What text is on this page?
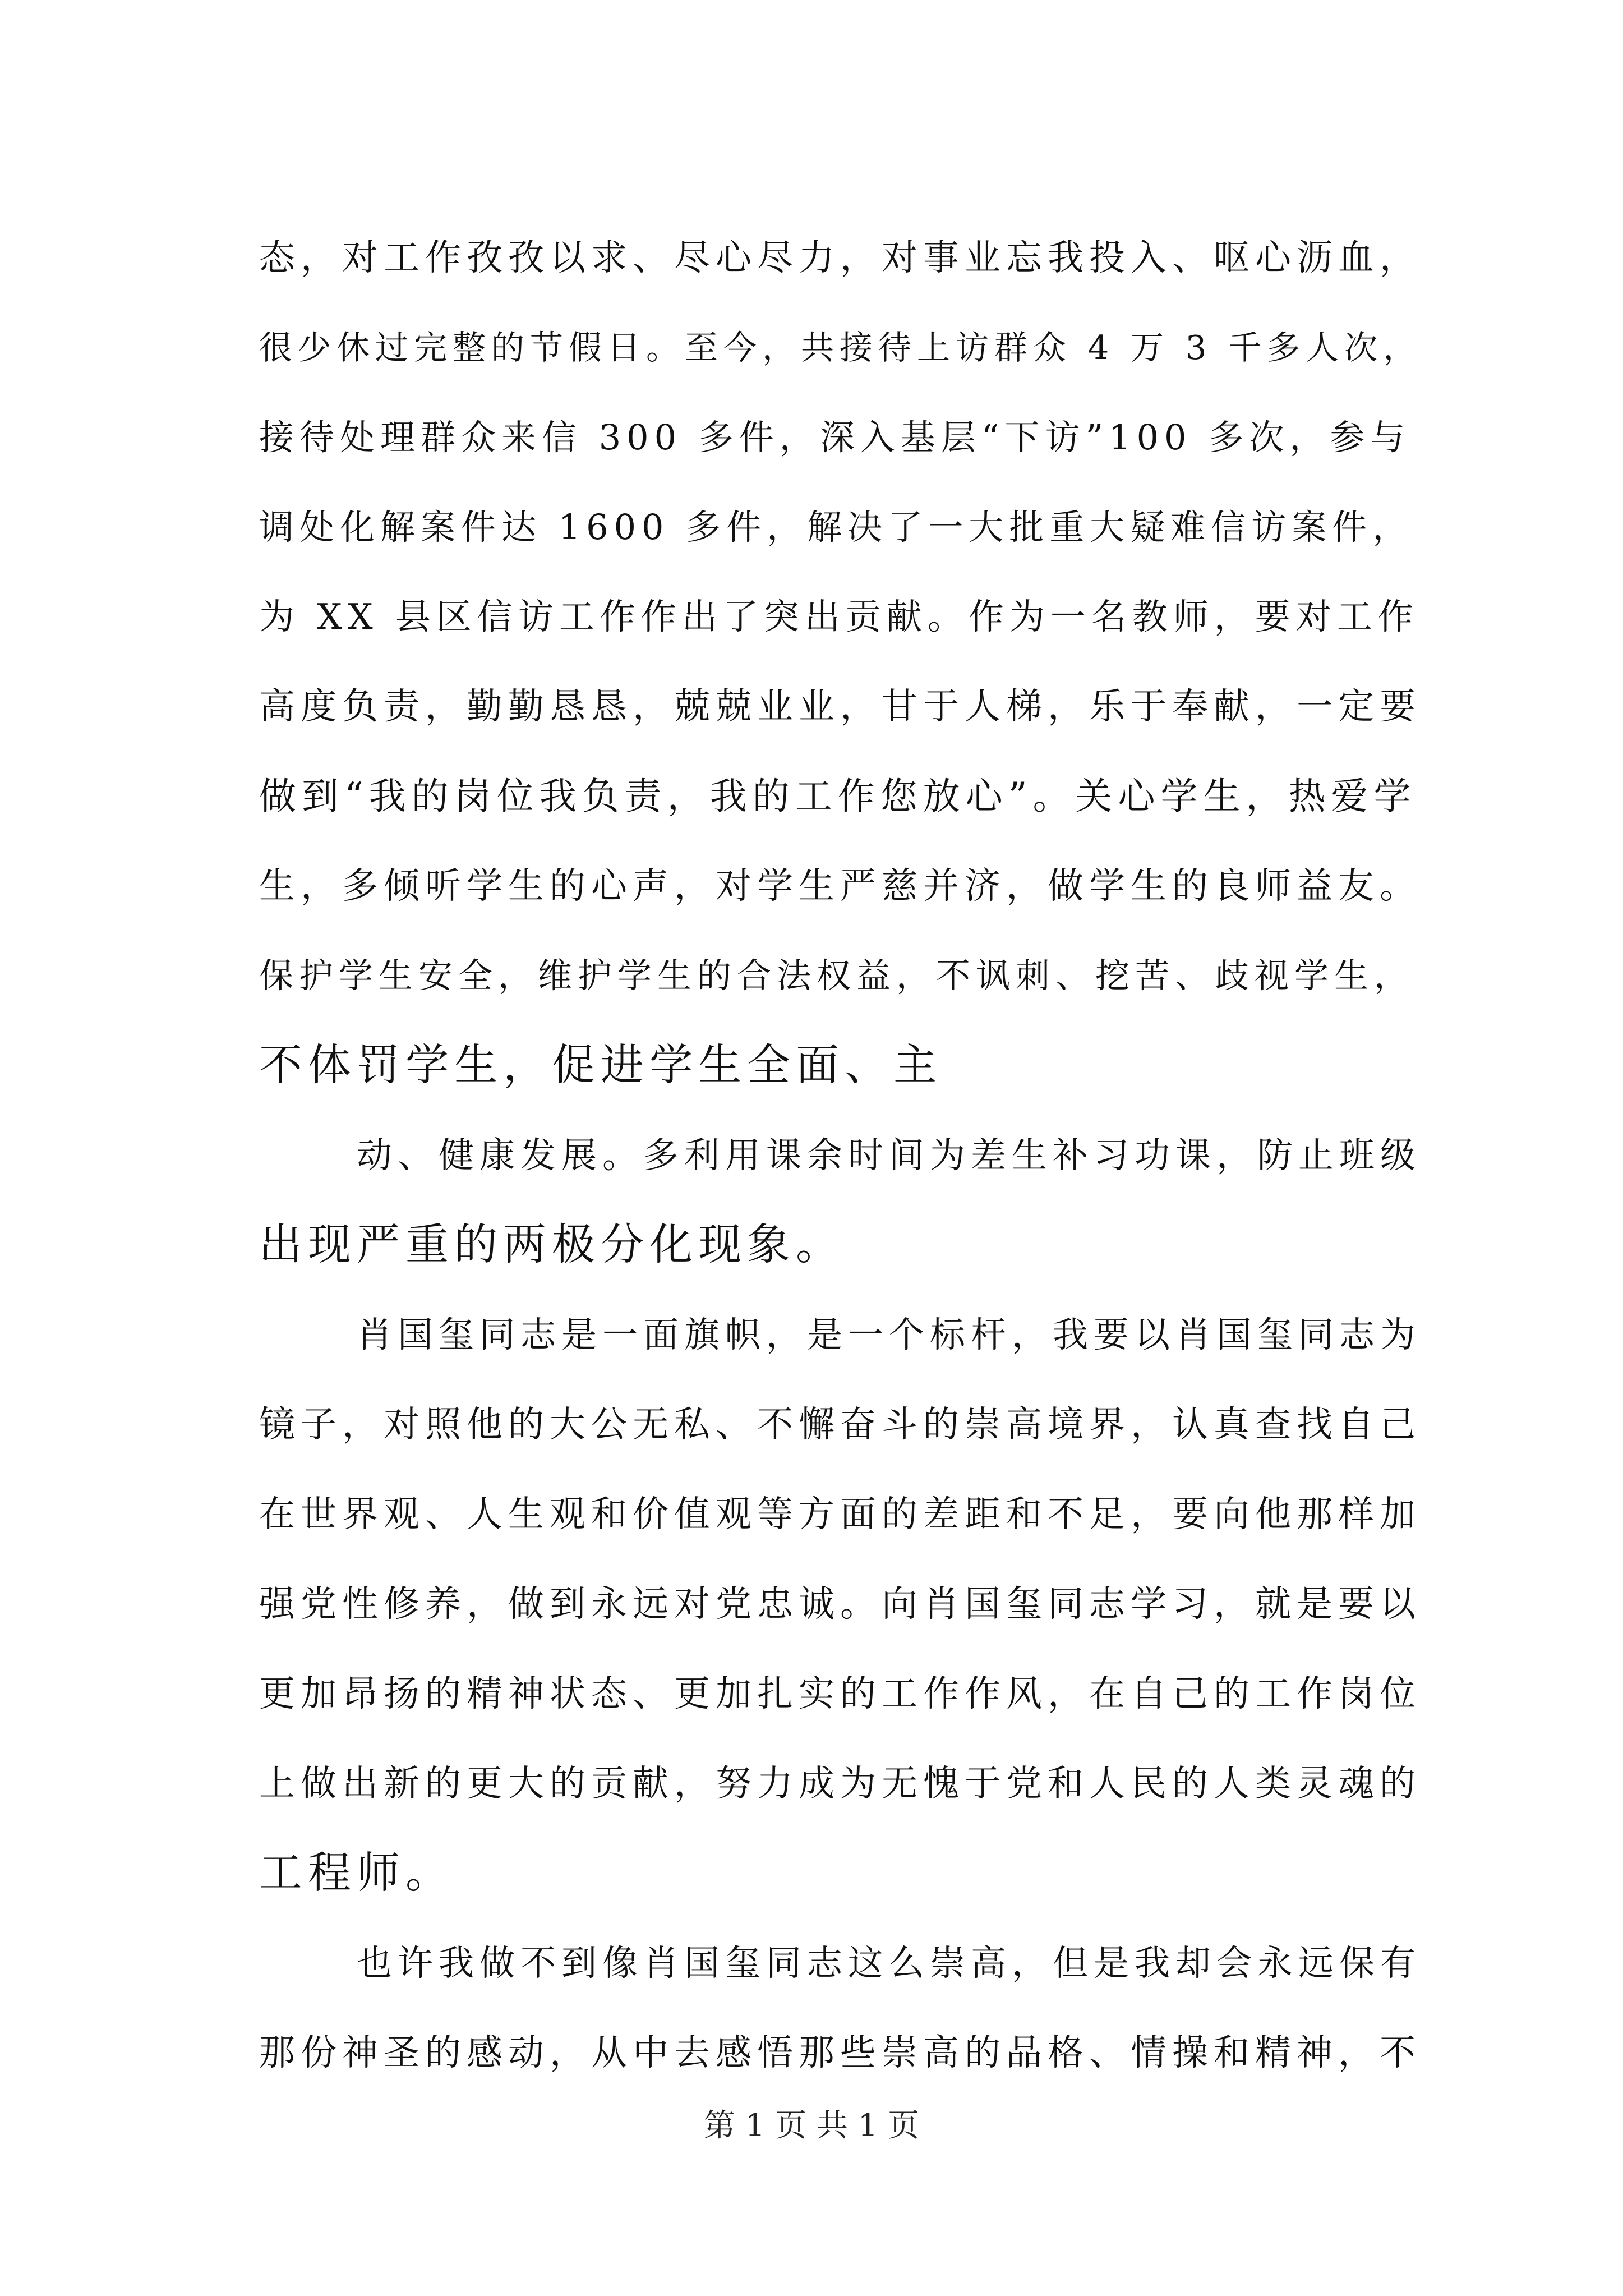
态，对工作孜孜以求、尽心尽力，对事业忘我投入、呕心沥血，
很少休过完整的节假日。至今，共接待上访群众 4 万 3 千多人次，
接待处理群众来信 300 多件，深入基层“下访”100 多次，参与
调处化解案件达 1600 多件，解决了一大批重大疑难信访案件，
为 XX 县区信访工作作出了突出贡献。作为一名教师，要对工作
高度负责，勤勤恳恳，兢兢业业，甘于人梯，乐于奉献，一定要
做到“我的岗位我负责，我的工作您放心”。关心学生，热爱学
生，多倾听学生的心声，对学生严慈并济，做学生的良师益友。
保护学生安全，维护学生的合法权益，不讽刺、挖苦、歧视学生，
不体罚学生，促进学生全面、主
动、健康发展。多利用课余时间为差生补习功课，防止班级
出现严重的两极分化现象。
肖国玺同志是一面旗帜，是一个标杆，我要以肖国玺同志为
镜子，对照他的大公无私、不懈奋斗的崇高境界，认真查找自己
在世界观、人生观和价值观等方面的差距和不足，要向他那样加
强党性修养，做到永远对党忠诚。向肖国玺同志学习，就是要以
更加昂扬的精神状态、更加扎实的工作作风，在自己的工作岗位
上做出新的更大的贡献，努力成为无愧于党和人民的人类灵魂的
工程师。
也许我做不到像肖国玺同志这么崇高，但是我却会永远保有
那份神圣的感动，从中去感悟那些崇高的品格、情操和精神，不
第 1 页 共 1 页
